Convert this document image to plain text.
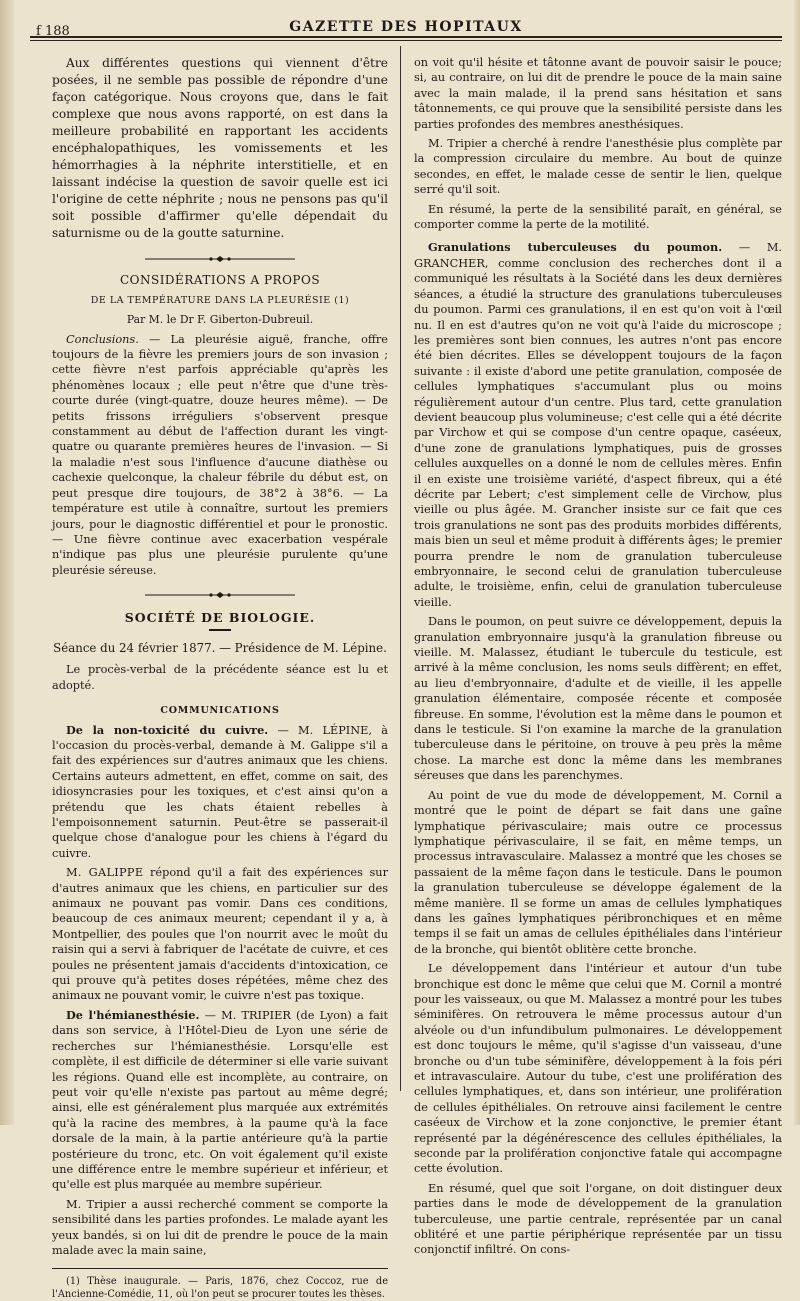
f 188	GAZETTE DES HOPITAUX

Aux différentes questions qui viennent d'être posées, il ne semble pas possible de répondre d'une façon catégorique. Nous croyons que, dans le fait complexe que nous avons rapporté, on est dans la meilleure probabilité en rapportant les accidents encéphalopathiques, les vomissements et les hémorrhagies à la néphrite interstitielle, et en laissant indécise la question de savoir quelle est ici l'origine de cette néphrite ; nous ne pensons pas qu'il soit possible d'affirmer qu'elle dépendait du saturnisme ou de la goutte saturnine.

CONSIDÉRATIONS A PROPOS

DE LA TEMPÉRATURE DANS LA PLEURÉSIE (1)

Par M. le Dr F. Giberton-Dubreuil.

Conclusions. — La pleurésie aiguë, franche, offre toujours de la fièvre les premiers jours de son invasion ; cette fièvre n'est parfois appréciable qu'après les phénomènes locaux ; elle peut n'être que d'une très-courte durée (vingt-quatre, douze heures même). — De petits frissons irréguliers s'observent presque constamment au début de l'affection durant les vingt-quatre ou quarante premières heures de l'invasion. — Si la maladie n'est sous l'influence d'aucune diathèse ou cachexie quelconque, la chaleur fébrile du début est, on peut presque dire toujours, de 38°2 à 38°6. — La température est utile à connaître, surtout les premiers jours, pour le diagnostic différentiel et pour le pronostic. — Une fièvre continue avec exacerbation vespérale n'indique pas plus une pleurésie purulente qu'une pleurésie séreuse.

SOCIÉTÉ DE BIOLOGIE.

Séance du 24 février 1877. — Présidence de M. Lépine.

Le procès-verbal de la précédente séance est lu et adopté.

COMMUNICATIONS

De la non-toxicité du cuivre. — M. LÉPINE, à l'occasion du procès-verbal, demande à M. Galippe s'il a fait des expériences sur d'autres animaux que les chiens. Certains auteurs admettent, en effet, comme on sait, des idiosyncrasies pour les toxiques, et c'est ainsi qu'on a prétendu que les chats étaient rebelles à l'empoisonnement saturnin. Peut-être se passerait-il quelque chose d'analogue pour les chiens à l'égard du cuivre.

M. GALIPPE répond qu'il a fait des expériences sur d'autres animaux que les chiens, en particulier sur des animaux ne pouvant pas vomir. Dans ces conditions, beaucoup de ces animaux meurent; cependant il y a, à Montpellier, des poules que l'on nourrit avec le moût du raisin qui a servi à fabriquer de l'acétate de cuivre, et ces poules ne présentent jamais d'accidents d'intoxication, ce qui prouve qu'à petites doses répétées, même chez des animaux ne pouvant vomir, le cuivre n'est pas toxique.

De l'hémianesthésie. — M. TRIPIER (de Lyon) a fait dans son service, à l'Hôtel-Dieu de Lyon une série de recherches sur l'hémianesthésie. Lorsqu'elle est complète, il est difficile de déterminer si elle varie suivant les régions. Quand elle est incomplète, au contraire, on peut voir qu'elle n'existe pas partout au même degré; ainsi, elle est généralement plus marquée aux extrémités qu'à la racine des membres, à la paume qu'à la face dorsale de la main, à la partie antérieure qu'à la partie postérieure du tronc, etc. On voit également qu'il existe une différence entre le membre supérieur et inférieur, et qu'elle est plus marquée au membre supérieur.

M. Tripier a aussi recherché comment se comporte la sensibilité dans les parties profondes. Le malade ayant les yeux bandés, si on lui dit de prendre le pouce de la main malade avec la main saine,

(1) Thèse inaugurale. — Paris, 1876, chez Coccoz, rue de l'Ancienne-Comédie, 11, où l'on peut se procurer toutes les thèses.

on voit qu'il hésite et tâtonne avant de pouvoir saisir le pouce; si, au contraire, on lui dit de prendre le pouce de la main saine avec la main malade, il la prend sans hésitation et sans tâtonnements, ce qui prouve que la sensibilité persiste dans les parties profondes des membres anesthésiques.

M. Tripier a cherché à rendre l'anesthésie plus complète par la compression circulaire du membre. Au bout de quinze secondes, en effet, le malade cesse de sentir le lien, quelque serré qu'il soit.

En résumé, la perte de la sensibilité paraît, en général, se comporter comme la perte de la motilité.

Granulations tuberculeuses du poumon. — M. GRANCHER, comme conclusion des recherches dont il a communiqué les résultats à la Société dans les deux dernières séances, a étudié la structure des granulations tuberculeuses du poumon. Parmi ces granulations, il en est qu'on voit à l'œil nu. Il en est d'autres qu'on ne voit qu'à l'aide du microscope ; les premières sont bien connues, les autres n'ont pas encore été bien décrites. Elles se développent toujours de la façon suivante : il existe d'abord une petite granulation, composée de cellules lymphatiques s'accumulant plus ou moins régulièrement autour d'un centre. Plus tard, cette granulation devient beaucoup plus volumineuse; c'est celle qui a été décrite par Virchow et qui se compose d'un centre opaque, caséeux, d'une zone de granulations lymphatiques, puis de grosses cellules auxquelles on a donné le nom de cellules mères. Enfin il en existe une troisième variété, d'aspect fibreux, qui a été décrite par Lebert; c'est simplement celle de Virchow, plus vieille ou plus âgée. M. Grancher insiste sur ce fait que ces trois granulations ne sont pas des produits morbides différents, mais bien un seul et même produit à différents âges; le premier pourra prendre le nom de granulation tuberculeuse embryonnaire, le second celui de granulation tuberculeuse adulte, le troisième, enfin, celui de granulation tuberculeuse vieille.

Dans le poumon, on peut suivre ce développement, depuis la granulation embryonnaire jusqu'à la granulation fibreuse ou vieille. M. Malassez, étudiant le tubercule du testicule, est arrivé à la même conclusion, les noms seuls diffèrent; en effet, au lieu d'embryonnaire, d'adulte et de vieille, il les appelle granulation élémentaire, composée récente et composée fibreuse. En somme, l'évolution est la même dans le poumon et dans le testicule. Si l'on examine la marche de la granulation tuberculeuse dans le péritoine, on trouve à peu près la même chose. La marche est donc la même dans les membranes séreuses que dans les parenchymes.

Au point de vue du mode de développement, M. Cornil a montré que le point de départ se fait dans une gaîne lymphatique périvasculaire; mais outre ce processus lymphatique périvasculaire, il se fait, en même temps, un processus intravasculaire. Malassez a montré que les choses se passaient de la même façon dans le testicule. Dans le poumon la granulation tuberculeuse se développe également de la même manière. Il se forme un amas de cellules lymphatiques dans les gaînes lymphatiques péribronchiques et en même temps il se fait un amas de cellules épithéliales dans l'intérieur de la bronche, qui bientôt oblitère cette bronche.

Le développement dans l'intérieur et autour d'un tube bronchique est donc le même que celui que M. Cornil a montré pour les vaisseaux, ou que M. Malassez a montré pour les tubes séminifères. On retrouvera le même processus autour d'un alvéole ou d'un infundibulum pulmonaires. Le développement est donc toujours le même, qu'il s'agisse d'un vaisseau, d'une bronche ou d'un tube séminifère, développement à la fois péri et intravasculaire. Autour du tube, c'est une prolifération des cellules lymphatiques, et, dans son intérieur, une prolifération de cellules épithéliales. On retrouve ainsi facilement le centre caséeux de Virchow et la zone conjonctive, le premier étant représenté par la dégénérescence des cellules épithéliales, la seconde par la prolifération conjonctive fatale qui accompagne cette évolution.

En résumé, quel que soit l'organe, on doit distinguer deux parties dans le mode de développement de la granulation tuberculeuse, une partie centrale, représentée par un canal oblitéré et une partie périphérique représentée par un tissu conjonctif infiltré. On cons-
